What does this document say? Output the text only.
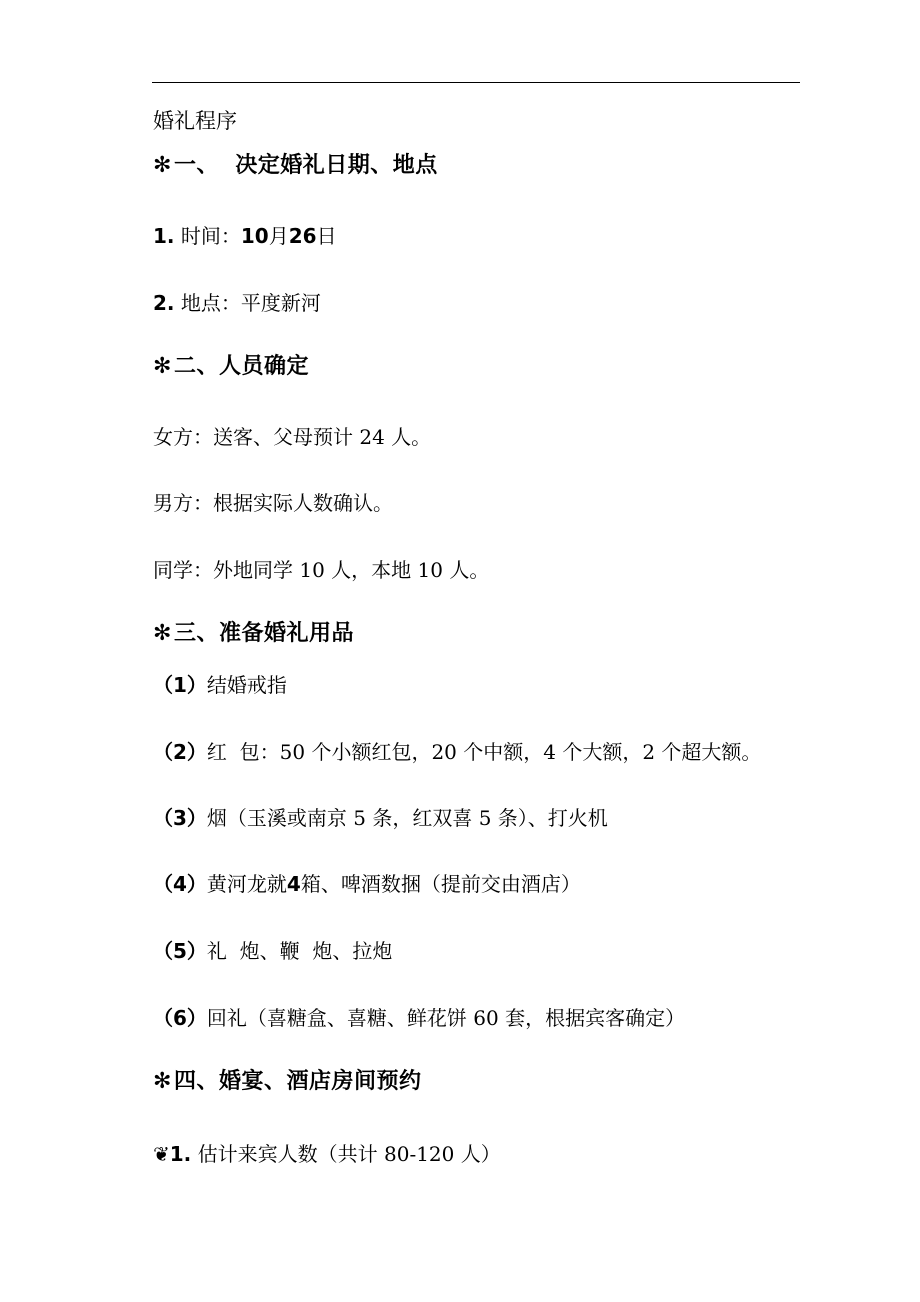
婚礼程序
✻一、  决定婚礼日期、地点
1. 时间：10月26日
2. 地点：平度新河
✻二、人员确定
女方：送客、父母预计 24 人。
男方：根据实际人数确认。
同学：外地同学 10 人，本地 10 人。
✻三、准备婚礼用品
（1）结婚戒指
（2）红  包：50 个小额红包，20 个中额，4 个大额，2 个超大额。
（3）烟（玉溪或南京 5 条，红双喜 5 条）、打火机
（4）黄河龙就4箱、啤酒数捆（提前交由酒店）
（5）礼  炮、鞭  炮、拉炮
（6）回礼（喜糖盒、喜糖、鲜花饼 60 套，根据宾客确定）
✻四、婚宴、酒店房间预约
❦1. 估计来宾人数（共计 80-120 人）
